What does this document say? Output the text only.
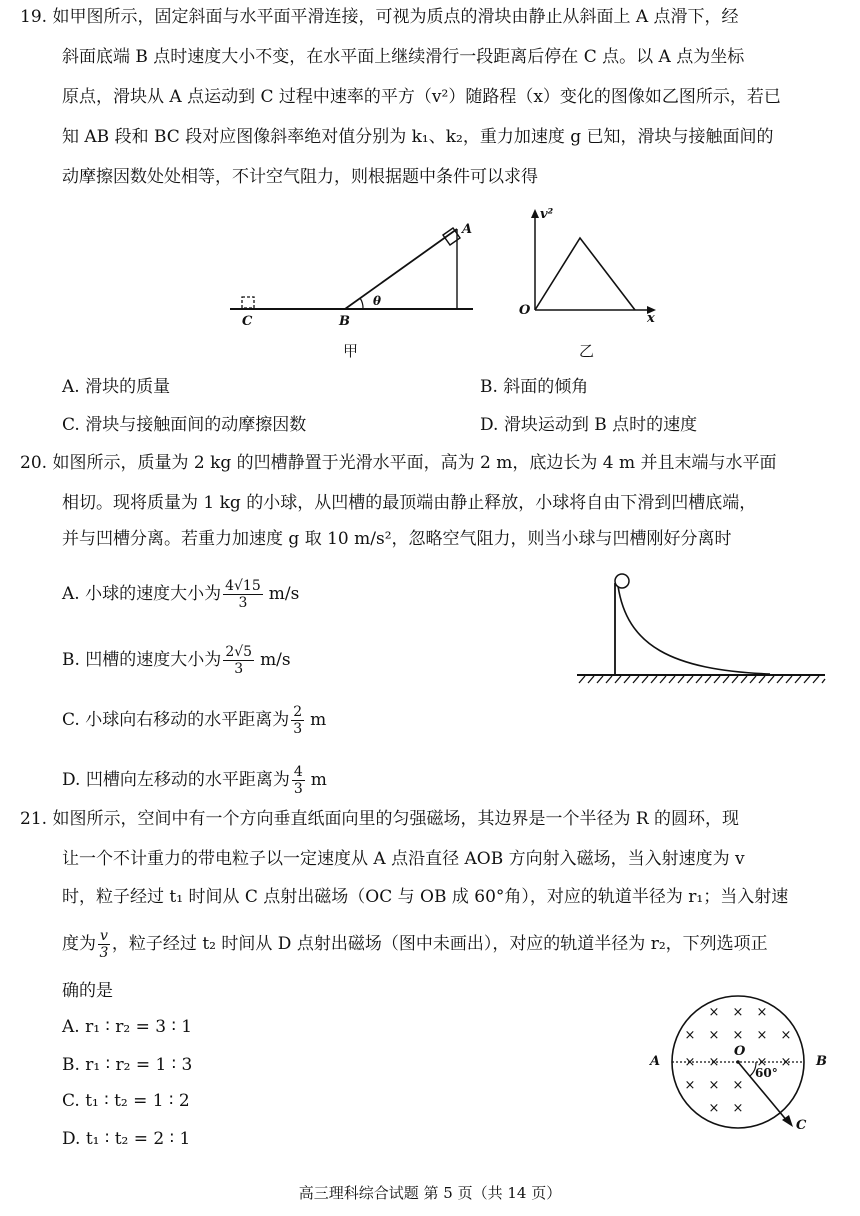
19. 如甲图所示，固定斜面与水平面平滑连接，可视为质点的滑块由静止从斜面上 A 点滑下，经
斜面底端 B 点时速度大小不变，在水平面上继续滑行一段距离后停在 C 点。以 A 点为坐标
原点，滑块从 A 点运动到 C 过程中速率的平方（v²）随路程（x）变化的图像如乙图所示，若已
知 AB 段和 BC 段对应图像斜率绝对值分别为 k₁、k₂，重力加速度 g 已知，滑块与接触面间的
动摩擦因数处处相等，不计空气阻力，则根据题中条件可以求得
A
B
C
θ
甲
v²
O
x
乙
A. 滑块的质量	B. 斜面的倾角
C. 滑块与接触面间的动摩擦因数	D. 滑块运动到 B 点时的速度
20. 如图所示，质量为 2 kg 的凹槽静置于光滑水平面，高为 2 m，底边长为 4 m 并且末端与水平面
相切。现将质量为 1 kg 的小球，从凹槽的最顶端由静止释放，小球将自由下滑到凹槽底端，
并与凹槽分离。若重力加速度 g 取 10 m/s²，忽略空气阻力，则当小球与凹槽刚好分离时
A. 小球的速度大小为 $\frac{4√15}{3} m/s$
B. 凹槽的速度大小为 $\frac{2√5}{3} m/s$
C. 小球向右移动的水平距离为 $\frac{2}{3}$ m
D. 凹槽向左移动的水平距离为 $\frac{4}{3}$ m
21. 如图所示，空间中有一个方向垂直纸面向里的匀强磁场，其边界是一个半径为 R 的圆环，现
让一个不计重力的带电粒子以一定速度从 A 点沿直径 AOB 方向射入磁场，当入射速度为 v
时，粒子经过 t₁ 时间从 C 点射出磁场（OC 与 OB 成 60°角），对应的轨道半径为 r₁；当入射速
度为 $\frac{v}{3}$ ，粒子经过 t₂ 时间从 D 点射出磁场（图中未画出），对应的轨道半径为 r₂，下列选项正
确的是
A. r₁ ∶ r₂ = 3 ∶ 1
B. r₁ ∶ r₂ = 1 ∶ 3
C. t₁ ∶ t₂ = 1 ∶ 2
D. t₁ ∶ t₂ = 2 ∶ 1
× × ×
× × × × ×
× ×	× ×
× × ×
× ×
A	B
O
C
60°
高三理科综合试题 第 5 页（共 14 页）
